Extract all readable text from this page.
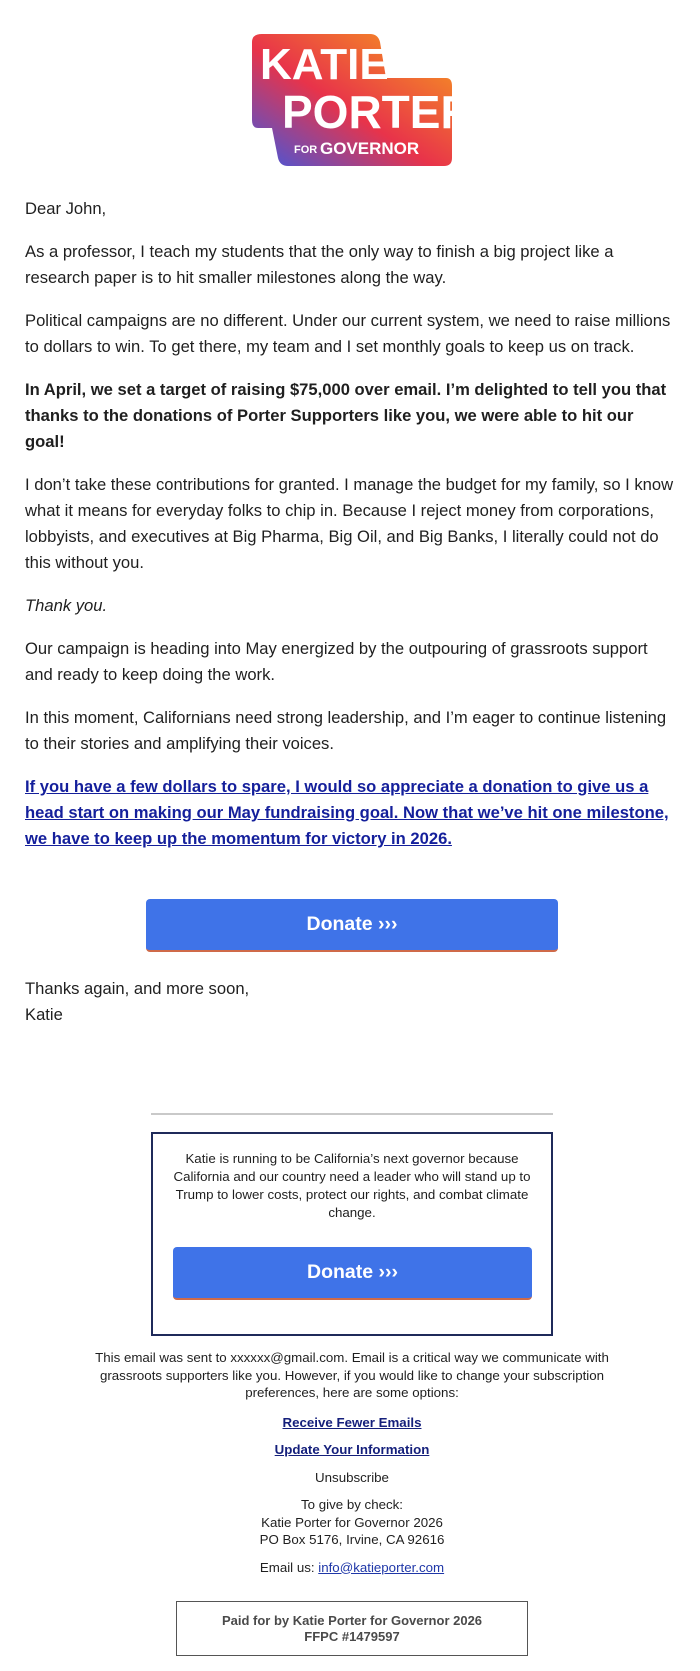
KATIE
PORTER
FOR GOVERNOR

Dear John,

As a professor, I teach my students that the only way to finish a big project like a research paper is to hit smaller milestones along the way.

Political campaigns are no different. Under our current system, we need to raise millions to dollars to win. To get there, my team and I set monthly goals to keep us on track.

In April, we set a target of raising $75,000 over email. I’m delighted to tell you that thanks to the donations of Porter Supporters like you, we were able to hit our goal!

I don’t take these contributions for granted. I manage the budget for my family, so I know what it means for everyday folks to chip in. Because I reject money from corporations, lobbyists, and executives at Big Pharma, Big Oil, and Big Banks, I literally could not do this without you.

Thank you.

Our campaign is heading into May energized by the outpouring of grassroots support and ready to keep doing the work.

In this moment, Californians need strong leadership, and I’m eager to continue listening to their stories and amplifying their voices.

If you have a few dollars to spare, I would so appreciate a donation to give us a head start on making our May fundraising goal. Now that we’ve hit one milestone, we have to keep up the momentum for victory in 2026.

Donate ›››
Thanks again, and more soon,
Katie
Katie is running to be California’s next governor because California and our country need a leader who will stand up to Trump to lower costs, protect our rights, and combat climate change.
Donate ›››

This email was sent to xxxxxx@gmail.com. Email is a critical way we communicate with grassroots supporters like you. However, if you would like to change your subscription preferences, here are some options:

Receive Fewer Emails
Update Your Information
Unsubscribe
To give by check:
Katie Porter for Governor 2026
PO Box 5176, Irvine, CA 92616
Email us: info@katieporter.com
Paid for by Katie Porter for Governor 2026
FFPC #1479597
